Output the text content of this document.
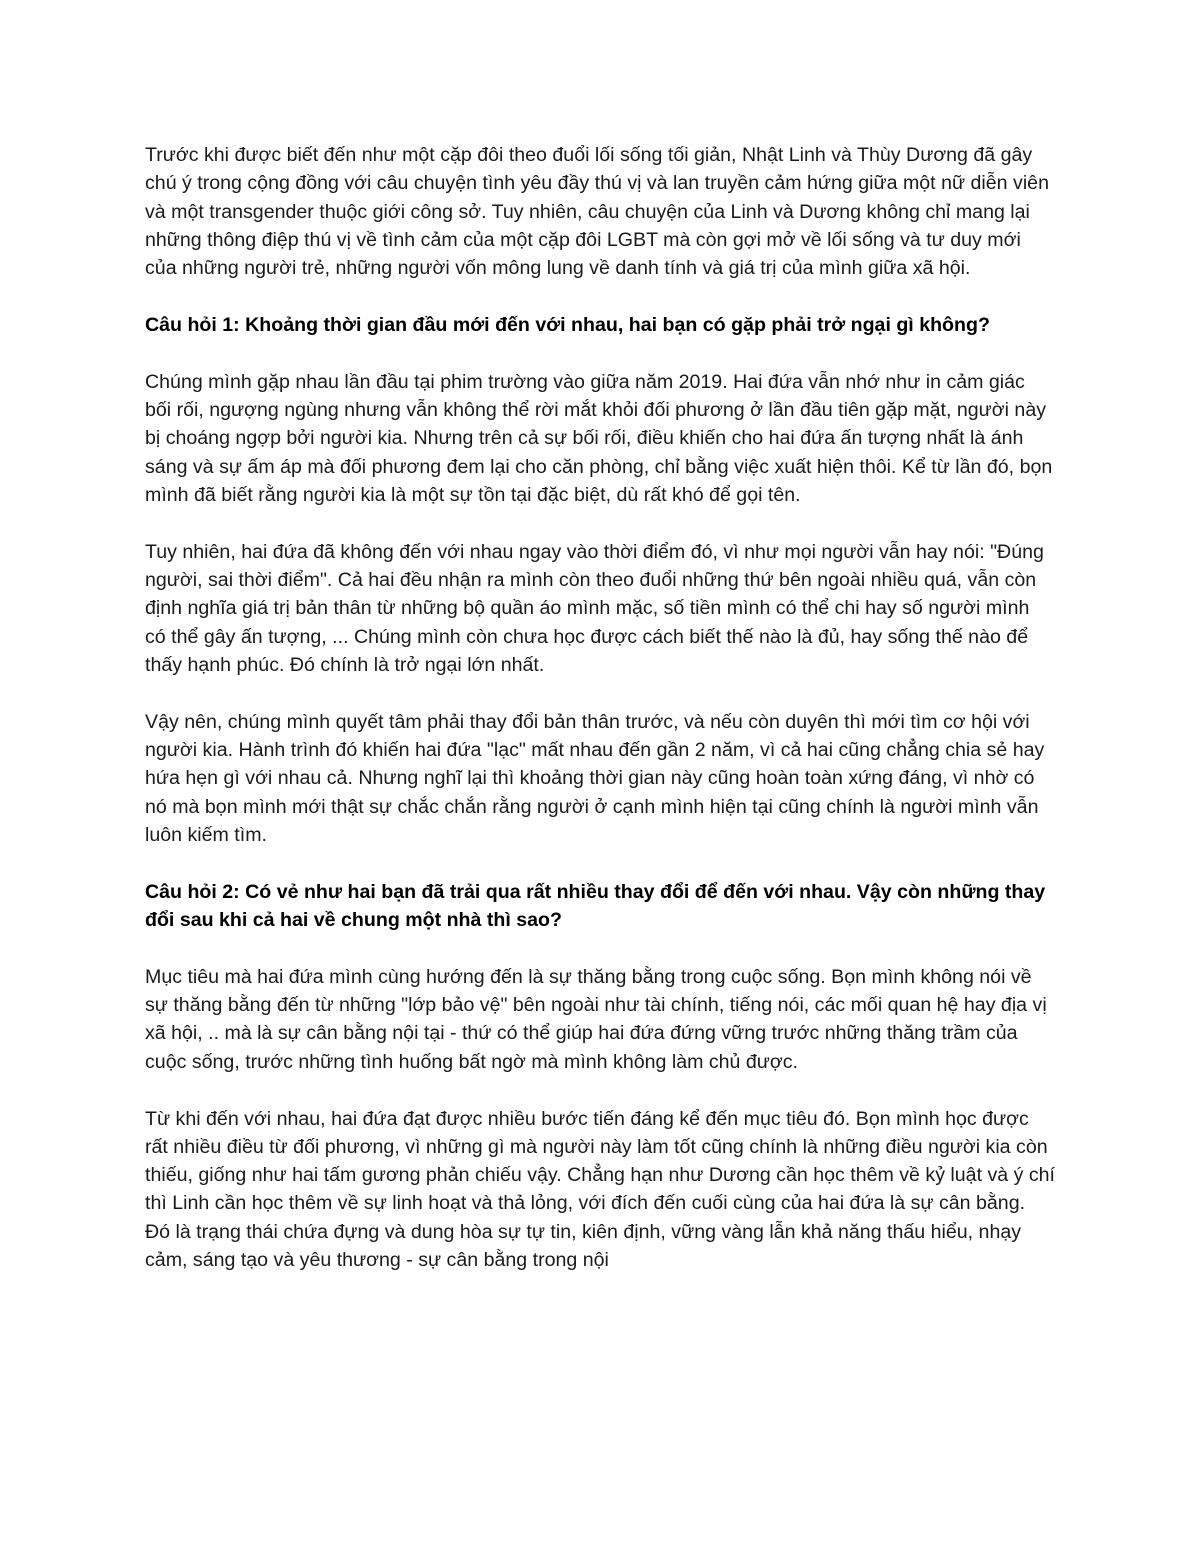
Trước khi được biết đến như một cặp đôi theo đuổi lối sống tối giản, Nhật Linh và Thùy Dương đã gây chú ý trong cộng đồng với câu chuyện tình yêu đầy thú vị và lan truyền cảm hứng giữa một nữ diễn viên và một transgender thuộc giới công sở. Tuy nhiên, câu chuyện của Linh và Dương không chỉ mang lại những thông điệp thú vị về tình cảm của một cặp đôi LGBT mà còn gợi mở về lối sống và tư duy mới của những người trẻ, những người vốn mông lung về danh tính và giá trị của mình giữa xã hội.

Câu hỏi 1: Khoảng thời gian đầu mới đến với nhau, hai bạn có gặp phải trở ngại gì không?

Chúng mình gặp nhau lần đầu tại phim trường vào giữa năm 2019. Hai đứa vẫn nhớ như in cảm giác bối rối, ngượng ngùng nhưng vẫn không thể rời mắt khỏi đối phương ở lần đầu tiên gặp mặt, người này bị choáng ngợp bởi người kia. Nhưng trên cả sự bối rối, điều khiến cho hai đứa ấn tượng nhất là ánh sáng và sự ấm áp mà đối phương đem lại cho căn phòng, chỉ bằng việc xuất hiện thôi. Kể từ lần đó, bọn mình đã biết rằng người kia là một sự tồn tại đặc biệt, dù rất khó để gọi tên.

Tuy nhiên, hai đứa đã không đến với nhau ngay vào thời điểm đó, vì như mọi người vẫn hay nói: "Đúng người, sai thời điểm". Cả hai đều nhận ra mình còn theo đuổi những thứ bên ngoài nhiều quá, vẫn còn định nghĩa giá trị bản thân từ những bộ quần áo mình mặc, số tiền mình có thể chi hay số người mình có thể gây ấn tượng, ... Chúng mình còn chưa học được cách biết thế nào là đủ, hay sống thế nào để thấy hạnh phúc. Đó chính là trở ngại lớn nhất.

Vậy nên, chúng mình quyết tâm phải thay đổi bản thân trước, và nếu còn duyên thì mới tìm cơ hội với người kia. Hành trình đó khiến hai đứa "lạc" mất nhau đến gần 2 năm, vì cả hai cũng chẳng chia sẻ hay hứa hẹn gì với nhau cả. Nhưng nghĩ lại thì khoảng thời gian này cũng hoàn toàn xứng đáng, vì nhờ có nó mà bọn mình mới thật sự chắc chắn rằng người ở cạnh mình hiện tại cũng chính là người mình vẫn luôn kiếm tìm.

Câu hỏi 2: Có vẻ như hai bạn đã trải qua rất nhiều thay đổi để đến với nhau. Vậy còn những thay đổi sau khi cả hai về chung một nhà thì sao?

Mục tiêu mà hai đứa mình cùng hướng đến là sự thăng bằng trong cuộc sống. Bọn mình không nói về sự thăng bằng đến từ những "lớp bảo vệ" bên ngoài như tài chính, tiếng nói, các mối quan hệ hay địa vị xã hội, .. mà là sự cân bằng nội tại - thứ có thể giúp hai đứa đứng vững trước những thăng trầm của cuộc sống, trước những tình huống bất ngờ mà mình không làm chủ được.

Từ khi đến với nhau, hai đứa đạt được nhiều bước tiến đáng kể đến mục tiêu đó. Bọn mình học được rất nhiều điều từ đối phương, vì những gì mà người này làm tốt cũng chính là những điều người kia còn thiếu, giống như hai tấm gương phản chiếu vậy. Chẳng hạn như Dương cần học thêm về kỷ luật và ý chí thì Linh cần học thêm về sự linh hoạt và thả lỏng, với đích đến cuối cùng của hai đứa là sự cân bằng. Đó là trạng thái chứa đựng và dung hòa sự tự tin, kiên định, vững vàng lẫn khả năng thấu hiểu, nhạy cảm, sáng tạo và yêu thương - sự cân bằng trong nội
